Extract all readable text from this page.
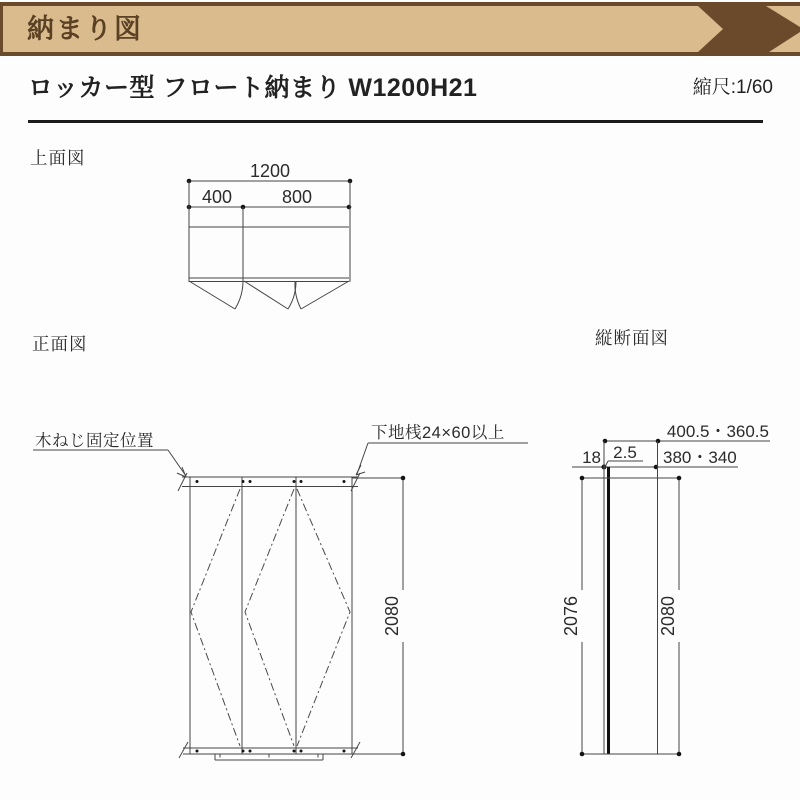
納まり図
ロッカー型 フロート納まり W1200H21	縮尺:1/60
上面図
正面図	縦断面図
1200
400	800
2080
木ねじ固定位置	下地桟24×60以上	400.5・360.5
18	380・340
2.5
2076	2080
